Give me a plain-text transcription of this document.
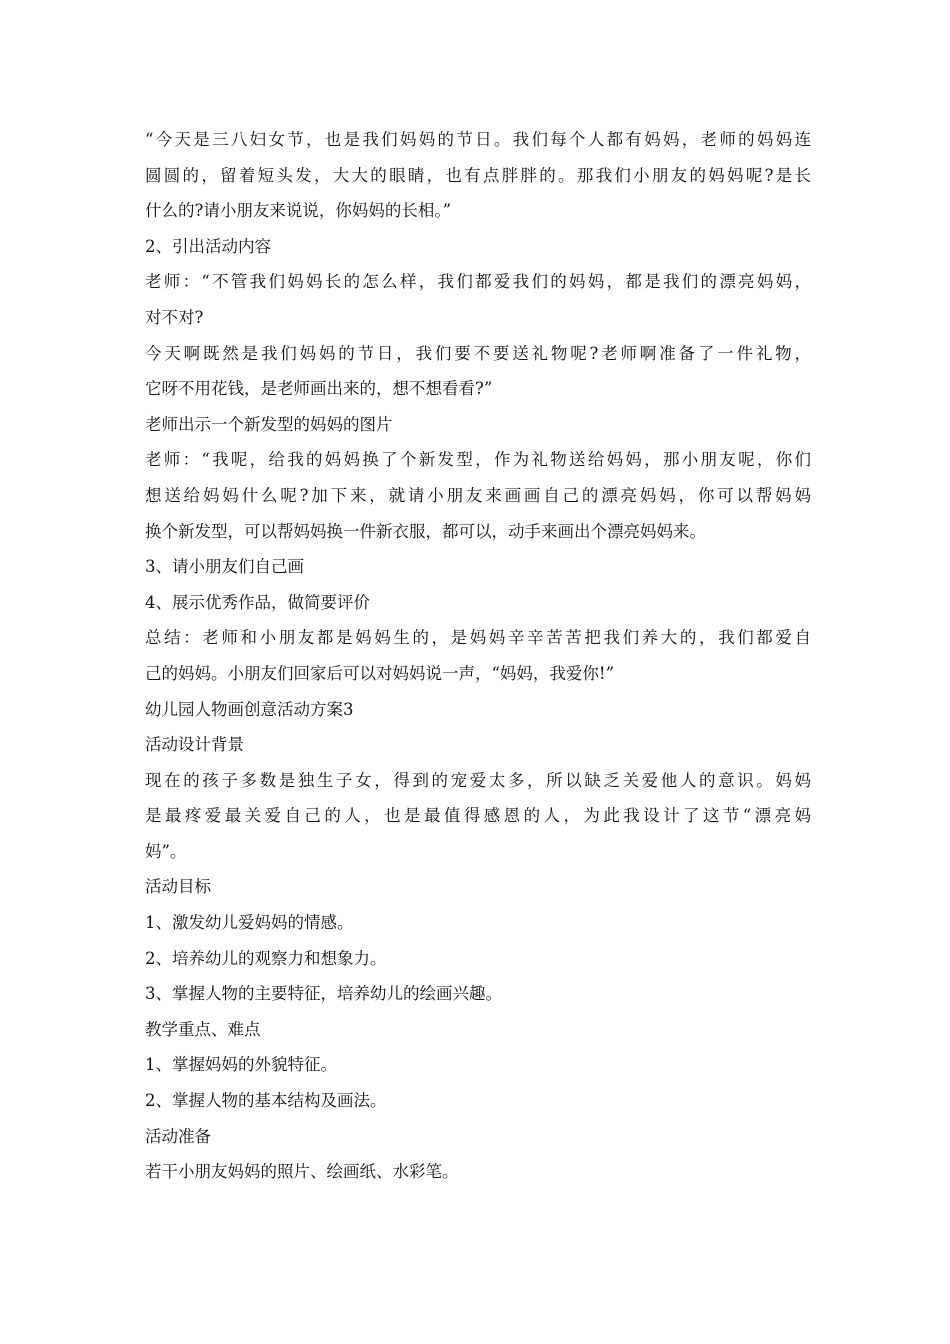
“今天是三八妇女节，也是我们妈妈的节日。我们每个人都有妈妈，老师的妈妈连
圆圆的，留着短头发，大大的眼睛，也有点胖胖的。那我们小朋友的妈妈呢?是长
什么的?请小朋友来说说，你妈妈的长相。”
2、引出活动内容
老师：“不管我们妈妈长的怎么样，我们都爱我们的妈妈，都是我们的漂亮妈妈，
对不对?
今天啊既然是我们妈妈的节日，我们要不要送礼物呢?老师啊准备了一件礼物，
它呀不用花钱，是老师画出来的，想不想看看?”
老师出示一个新发型的妈妈的图片
老师：“我呢，给我的妈妈换了个新发型，作为礼物送给妈妈，那小朋友呢，你们
想送给妈妈什么呢?加下来，就请小朋友来画画自己的漂亮妈妈，你可以帮妈妈
换个新发型，可以帮妈妈换一件新衣服，都可以，动手来画出个漂亮妈妈来。
3、请小朋友们自己画
4、展示优秀作品，做简要评价
总结：老师和小朋友都是妈妈生的，是妈妈辛辛苦苦把我们养大的，我们都爱自
己的妈妈。小朋友们回家后可以对妈妈说一声，“妈妈，我爱你!”
幼儿园人物画创意活动方案3
活动设计背景
现在的孩子多数是独生子女，得到的宠爱太多，所以缺乏关爱他人的意识。妈妈
是最疼爱最关爱自己的人，也是最值得感恩的人，为此我设计了这节“漂亮妈
妈”。
活动目标
1、激发幼儿爱妈妈的情感。
2、培养幼儿的观察力和想象力。
3、掌握人物的主要特征，培养幼儿的绘画兴趣。
教学重点、难点
1、掌握妈妈的外貌特征。
2、掌握人物的基本结构及画法。
活动准备
若干小朋友妈妈的照片、绘画纸、水彩笔。
